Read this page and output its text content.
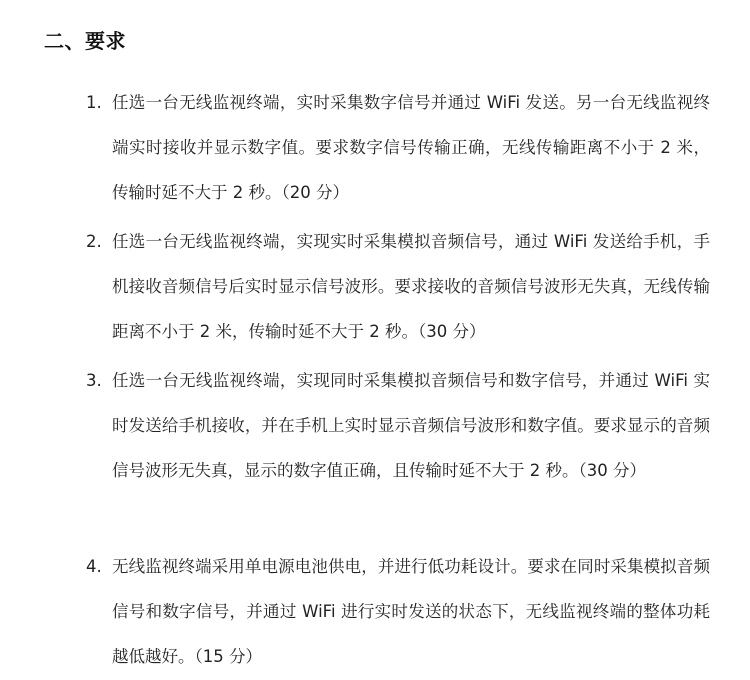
二、要求
1. 任选一台无线监视终端，实时采集数字信号并通过 WiFi 发送。另一台无线监视终端实时接收并显示数字值。要求数字信号传输正确，无线传输距离不小于 2 米，传输时延不大于 2 秒。（20 分）
2. 任选一台无线监视终端，实现实时采集模拟音频信号，通过 WiFi 发送给手机，手机接收音频信号后实时显示信号波形。要求接收的音频信号波形无失真，无线传输距离不小于 2 米，传输时延不大于 2 秒。（30 分）
3. 任选一台无线监视终端，实现同时采集模拟音频信号和数字信号，并通过 WiFi 实时发送给手机接收，并在手机上实时显示音频信号波形和数字值。要求显示的音频信号波形无失真，显示的数字值正确，且传输时延不大于 2 秒。（30 分）
4. 无线监视终端采用单电源电池供电，并进行低功耗设计。要求在同时采集模拟音频信号和数字信号，并通过 WiFi 进行实时发送的状态下，无线监视终端的整体功耗越低越好。（15 分）
